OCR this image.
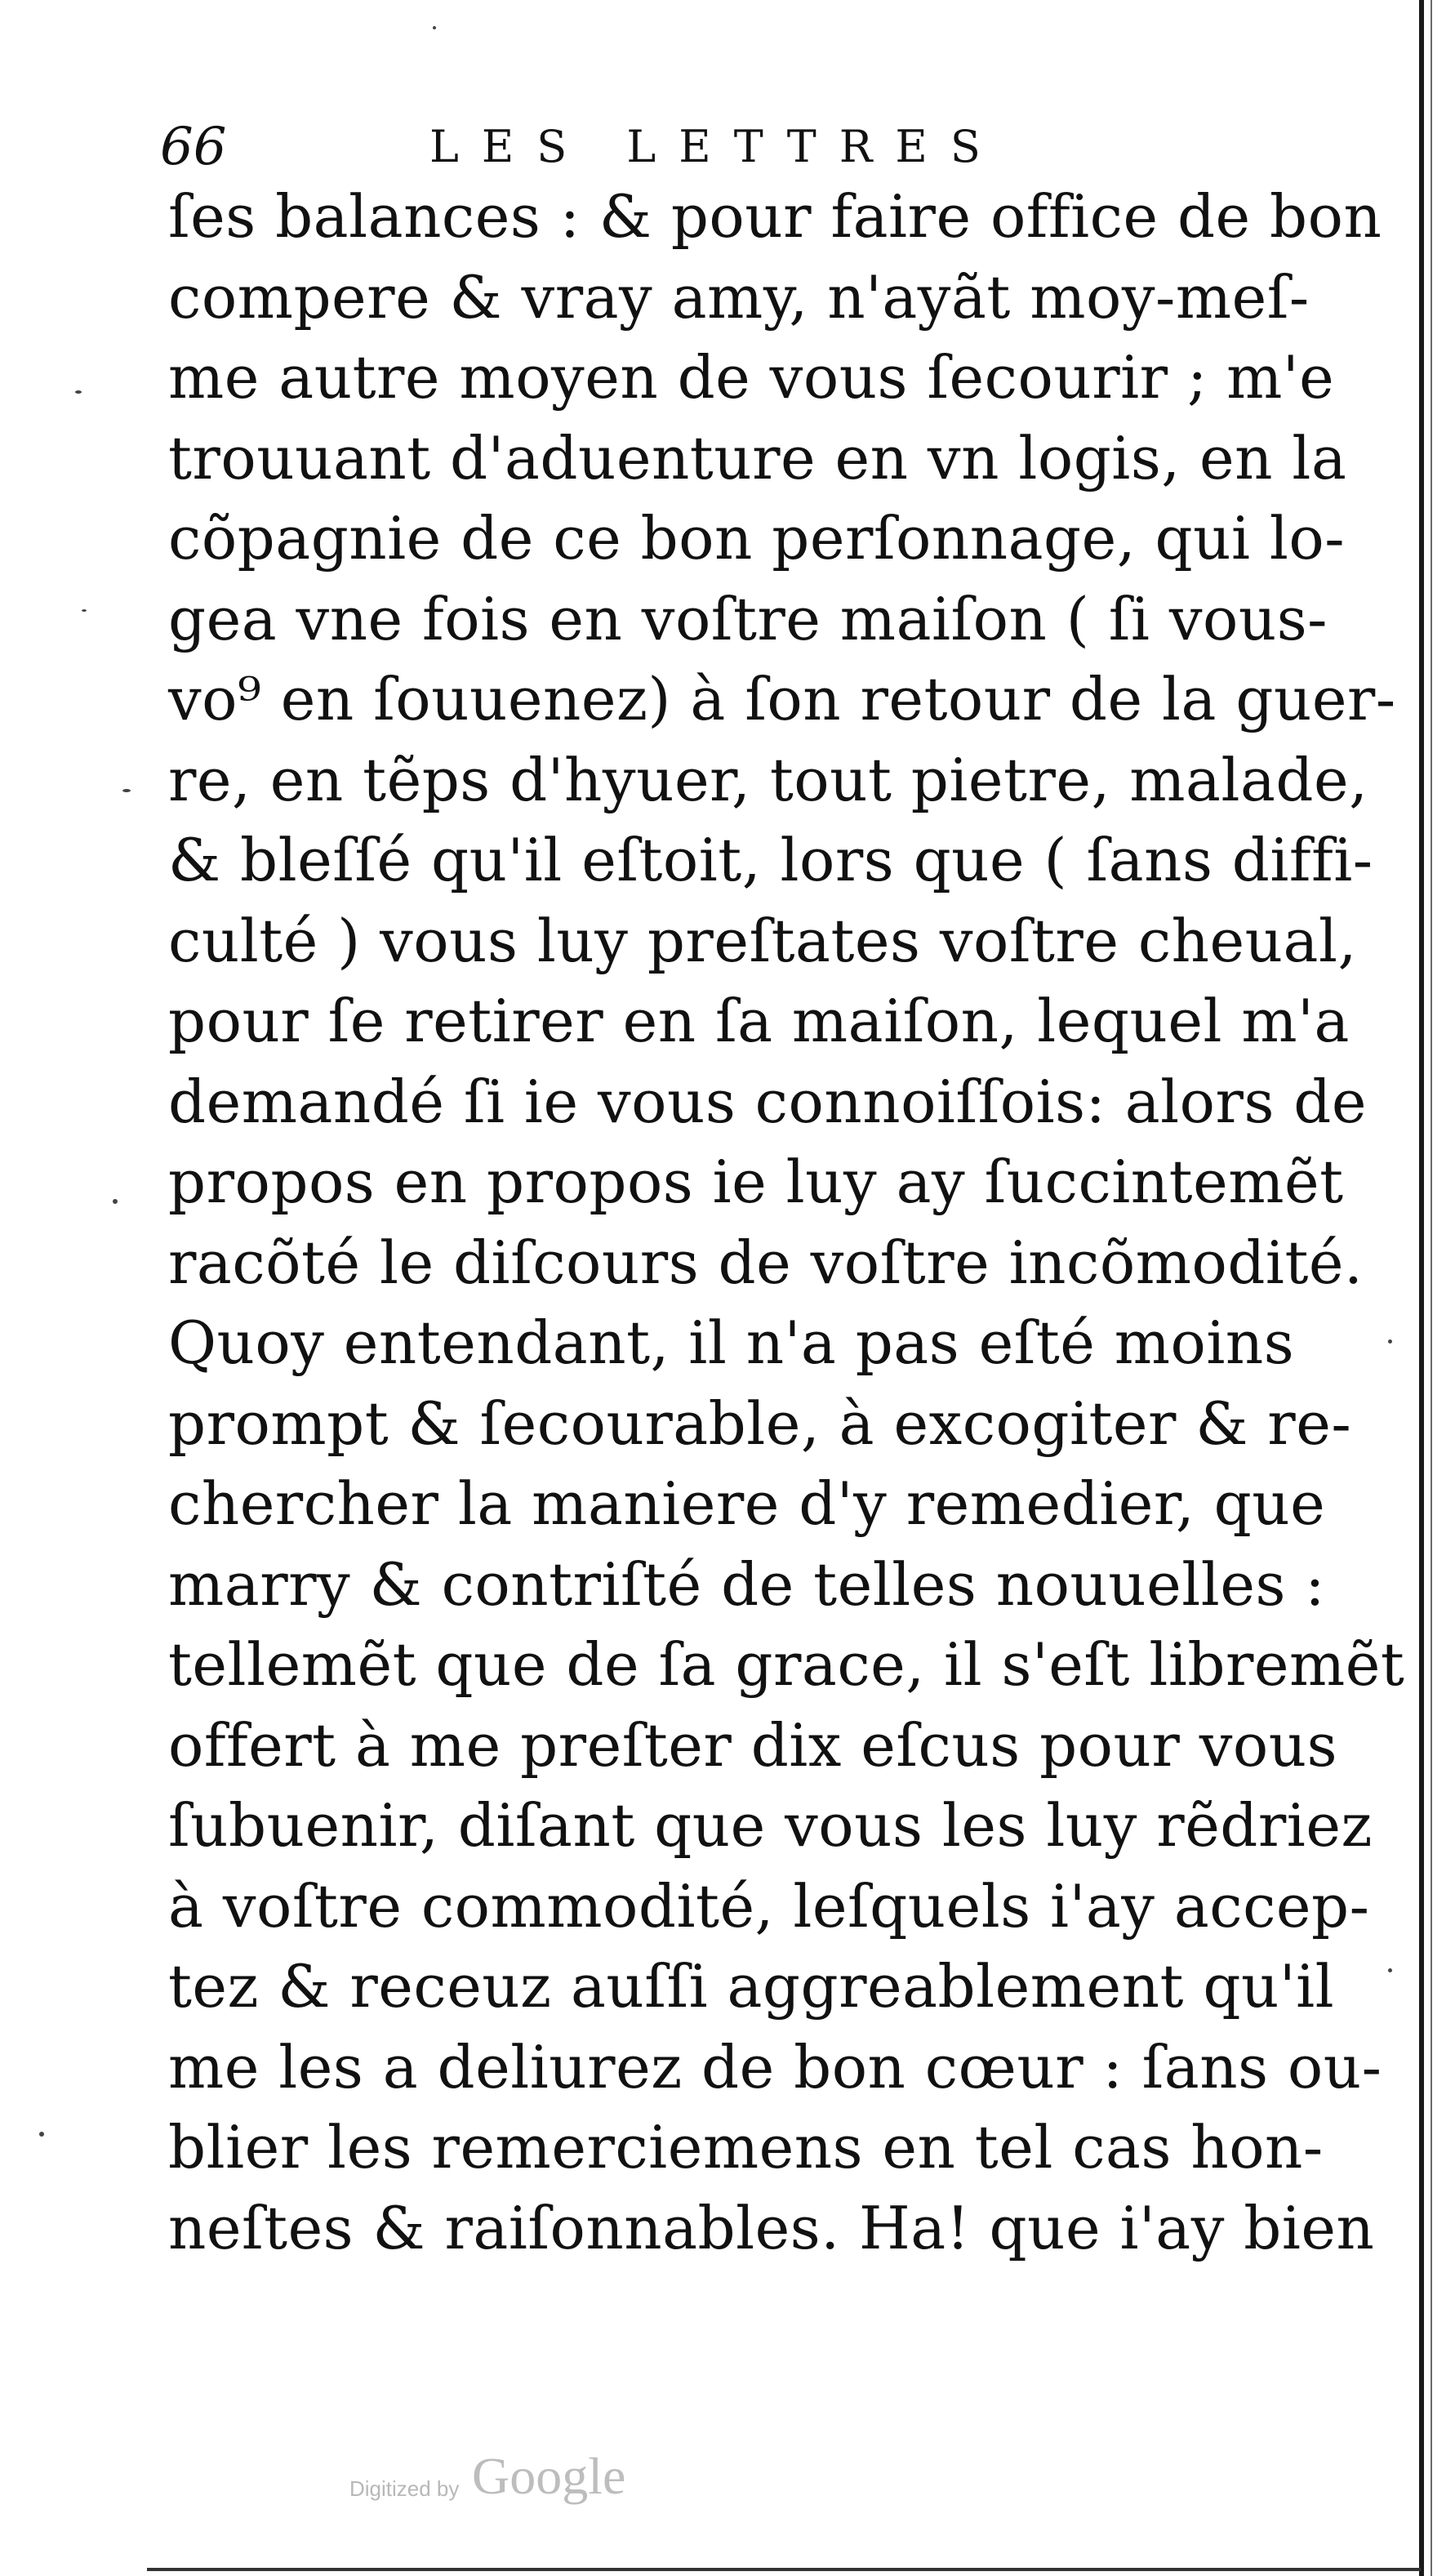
66	LES LETTRES
ſes balances : & pour faire office de bon
compere & vray amy, n'ayãt moy-meſ-
me autre moyen de vous ſecourir ; m'e
trouuant d'aduenture en vn logis, en la
cõpagnie de ce bon perſonnage, qui lo-
gea vne fois en voſtre maiſon ( ſi vous-
vo⁹ en ſouuenez) à ſon retour de la guer-
re, en tẽps d'hyuer, tout pietre, malade,
& bleſſé qu'il eſtoit, lors que ( ſans diffi-
culté ) vous luy preſtates voſtre cheual,
pour ſe retirer en ſa maiſon, lequel m'a
demandé ſi ie vous connoiſſois: alors de
propos en propos ie luy ay ſuccintemẽt
racõté le diſcours de voſtre incõmodité.
Quoy entendant, il n'a pas eſté moins
prompt & ſecourable, à excogiter & re-
chercher la maniere d'y remedier, que
marry & contriſté de telles nouuelles :
tellemẽt que de ſa grace, il s'eſt libremẽt
offert à me preſter dix eſcus pour vous
ſubuenir, diſant que vous les luy rẽdriez
à voſtre commodité, leſquels i'ay accep-
tez & receuz auſſi aggreablement qu'il
me les a deliurez de bon cœur : ſans ou-
blier les remerciemens en tel cas hon-
neſtes & raiſonnables. Ha! que i'ay bien
Digitized by Google
